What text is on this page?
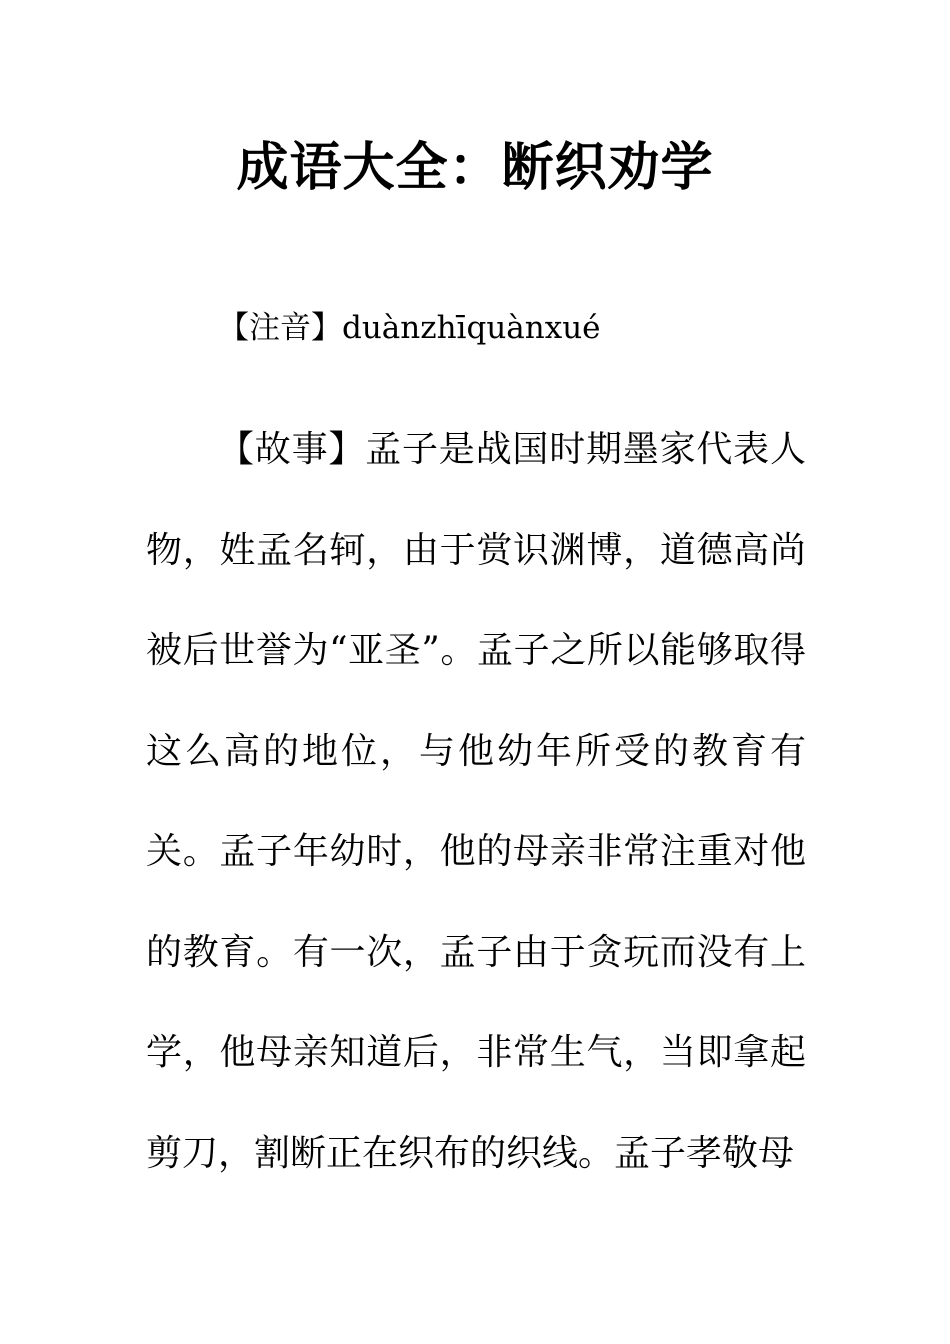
成语大全：断织劝学
【注音】duànzhīquànxué

【故事】孟子是战国时期墨家代表人物，姓孟名轲，由于赏识渊博，道德高尚被后世誉为“亚圣”。孟子之所以能够取得这么高的地位，与他幼年所受的教育有关。孟子年幼时，他的母亲非常注重对他的教育。有一次，孟子由于贪玩而没有上学，他母亲知道后，非常生气，当即拿起剪刀，割断正在织布的织线。孟子孝敬母
